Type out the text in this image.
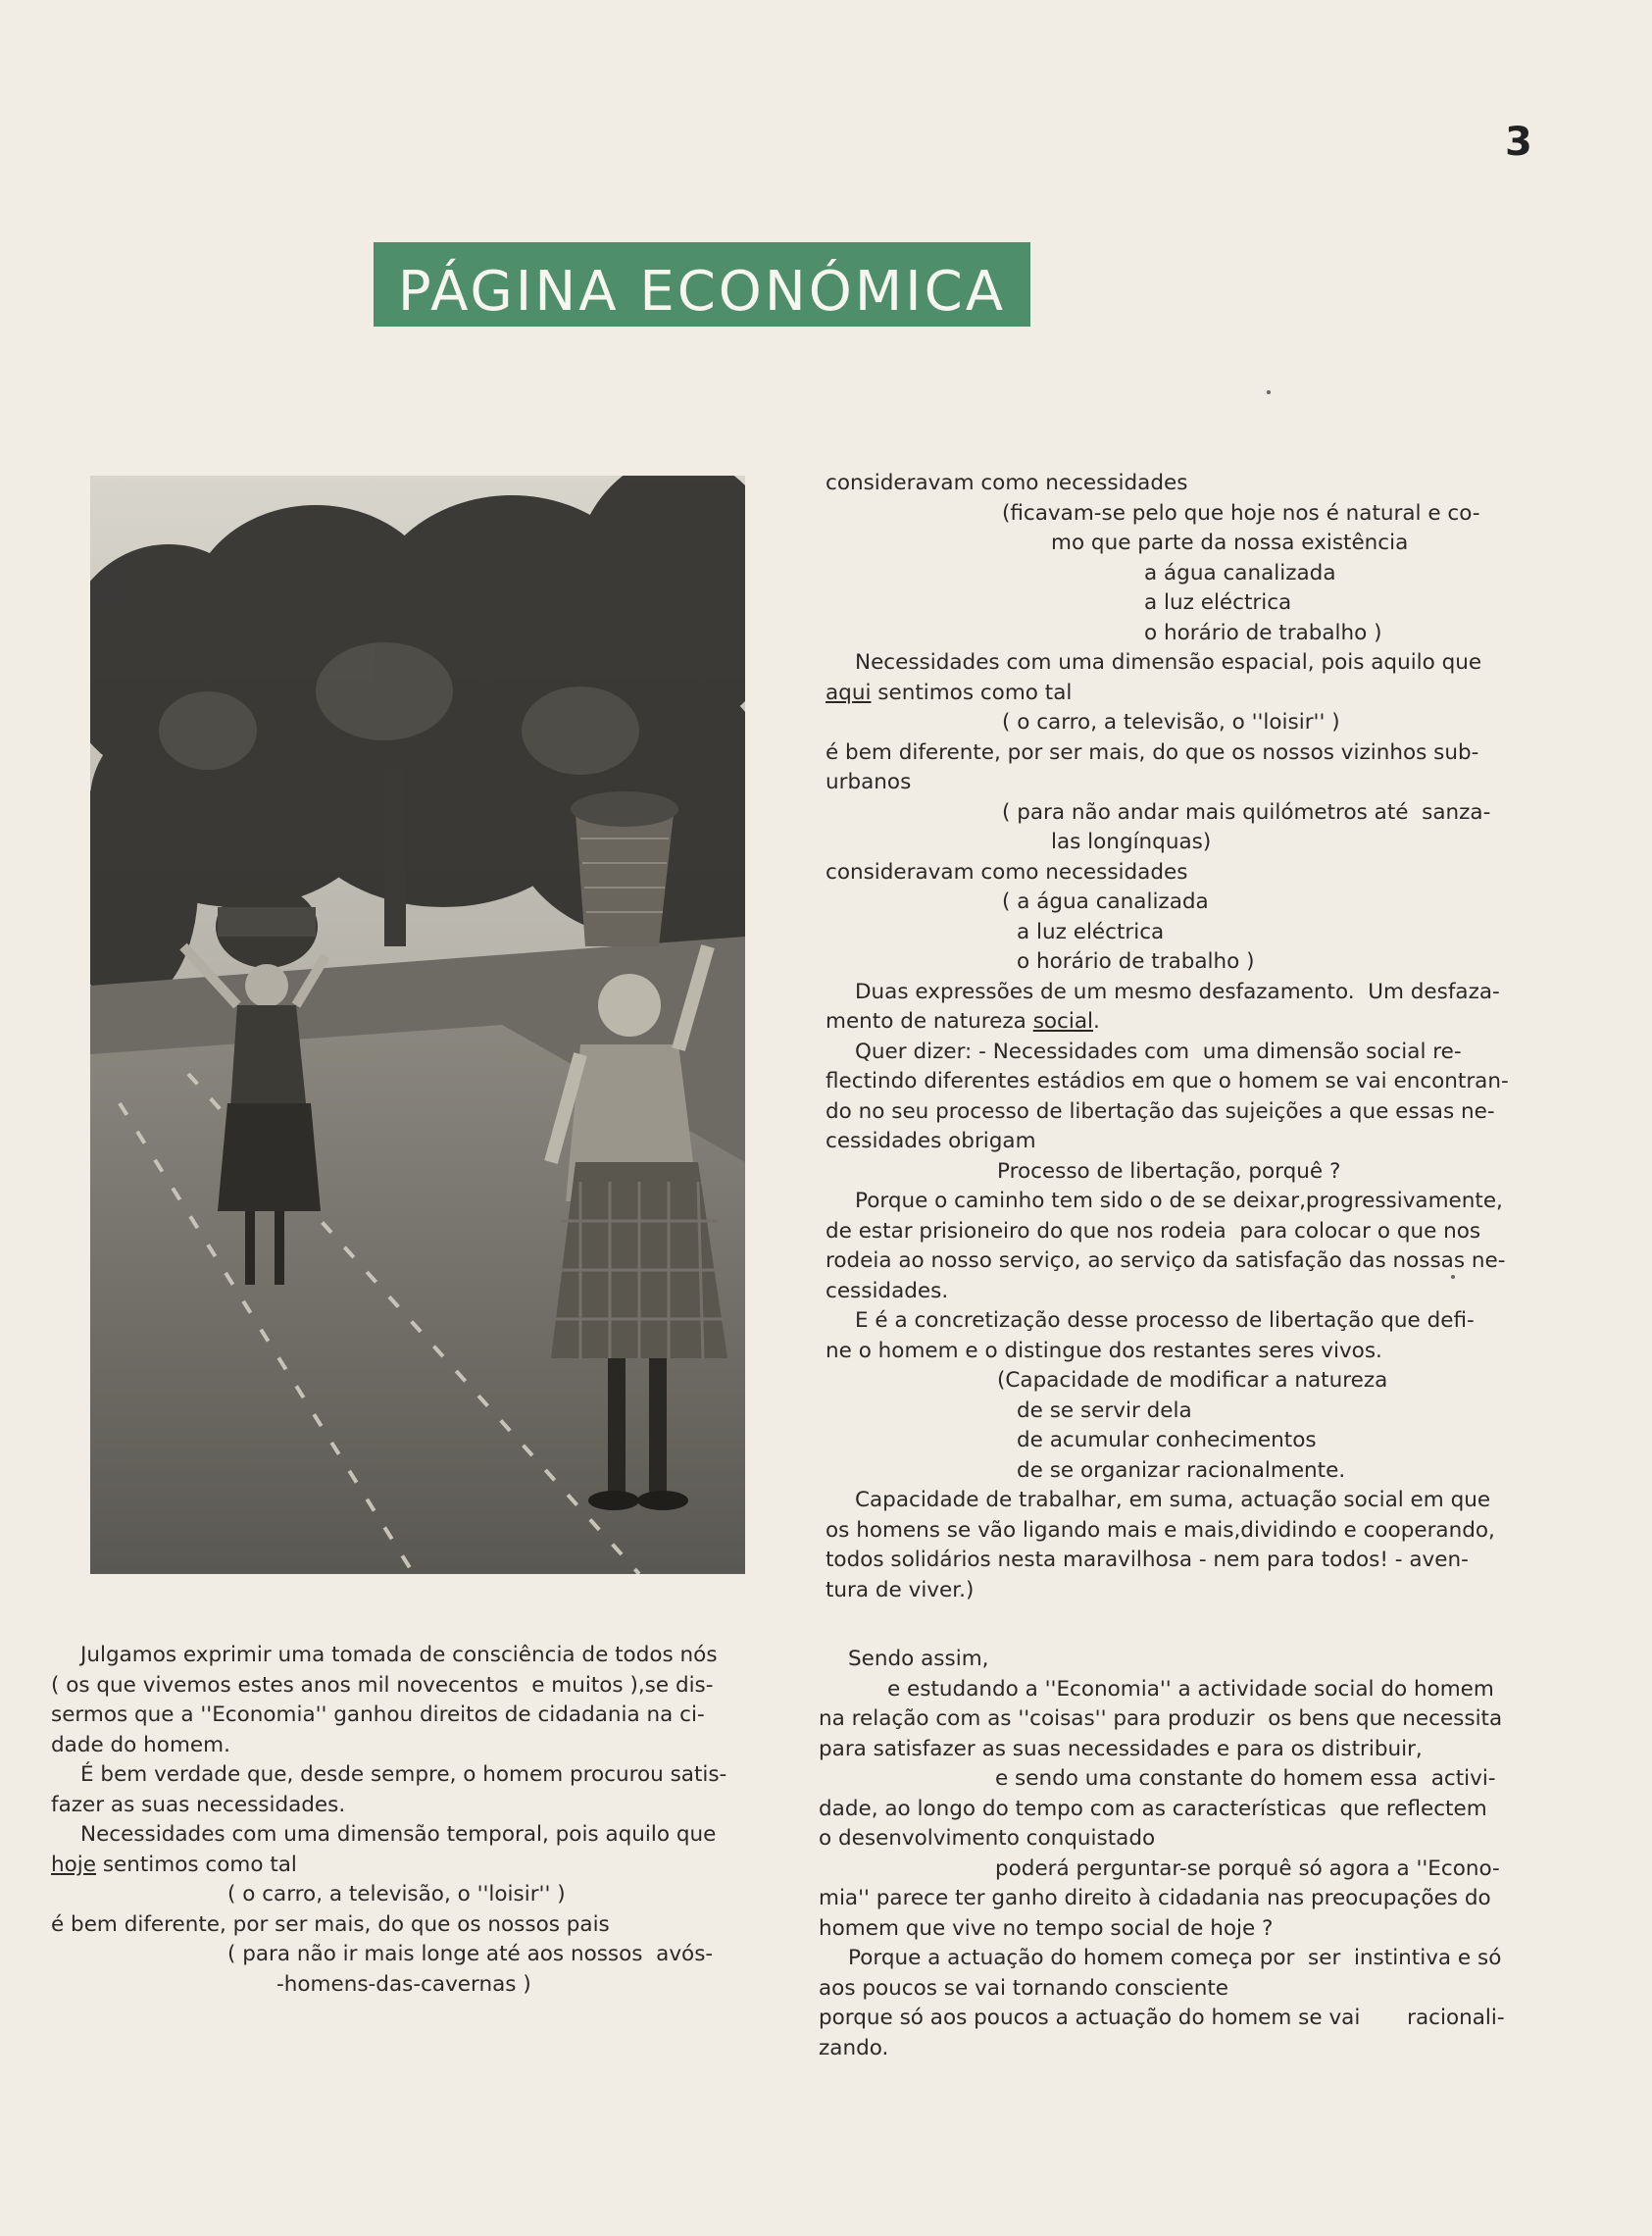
3
PÁGINA ECONÓMICA
consideravam como necessidades
(ficavam-se pelo que hoje nos é natural e co-
mo que parte da nossa existência
a água canalizada
a luz eléctrica
o horário de trabalho )
Necessidades com uma dimensão espacial, pois aquilo que
aqui sentimos como tal
( o carro, a televisão, o ''loisir'' )
é bem diferente, por ser mais, do que os nossos vizinhos sub-
urbanos
( para não andar mais quilómetros até  sanza-
las longínquas)
consideravam como necessidades
( a água canalizada
a luz eléctrica
o horário de trabalho )
Duas expressões de um mesmo desfazamento.  Um desfaza-
mento de natureza social.
Quer dizer: - Necessidades com  uma dimensão social re-
flectindo diferentes estádios em que o homem se vai encontran-
do no seu processo de libertação das sujeições a que essas ne-
cessidades obrigam
Processo de libertação, porquê ?
Porque o caminho tem sido o de se deixar,progressivamente,
de estar prisioneiro do que nos rodeia  para colocar o que nos
rodeia ao nosso serviço, ao serviço da satisfação das nossas ne-
cessidades.
E é a concretização desse processo de libertação que defi-
ne o homem e o distingue dos restantes seres vivos.
(Capacidade de modificar a natureza
de se servir dela
de acumular conhecimentos
de se organizar racionalmente.
Capacidade de trabalhar, em suma, actuação social em que
os homens se vão ligando mais e mais,dividindo e cooperando,
todos solidários nesta maravilhosa - nem para todos! - aven-
tura de viver.)
Julgamos exprimir uma tomada de consciência de todos nós
( os que vivemos estes anos mil novecentos  e muitos ),se dis-
sermos que a ''Economia'' ganhou direitos de cidadania na ci-
dade do homem.
É bem verdade que, desde sempre, o homem procurou satis-
fazer as suas necessidades.
Necessidades com uma dimensão temporal, pois aquilo que
hoje sentimos como tal
( o carro, a televisão, o ''loisir'' )
é bem diferente, por ser mais, do que os nossos pais
( para não ir mais longe até aos nossos  avós-
-homens-das-cavernas )
Sendo assim,
e estudando a ''Economia'' a actividade social do homem
na relação com as ''coisas'' para produzir  os bens que necessita
para satisfazer as suas necessidades e para os distribuir,
e sendo uma constante do homem essa  activi-
dade, ao longo do tempo com as características  que reflectem
o desenvolvimento conquistado
poderá perguntar-se porquê só agora a ''Econo-
mia'' parece ter ganho direito à cidadania nas preocupações do
homem que vive no tempo social de hoje ?
Porque a actuação do homem começa por  ser  instintiva e só
aos poucos se vai tornando consciente
porque só aos poucos a actuação do homem se vai       racionali-
zando.
